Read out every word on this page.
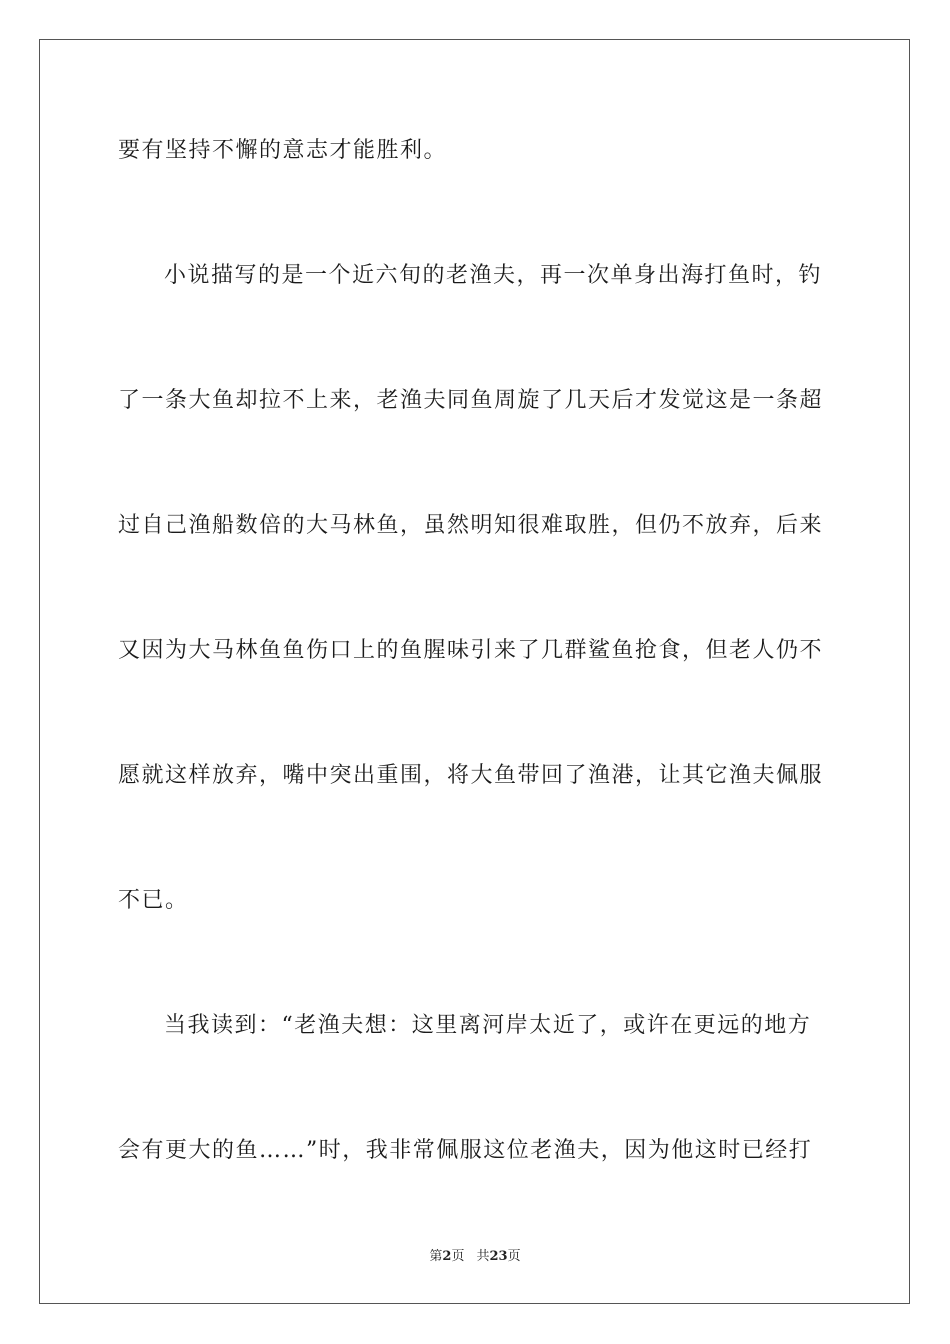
要有坚持不懈的意志才能胜利。
小说描写的是一个近六旬的老渔夫，再一次单身出海打鱼时，钓
了一条大鱼却拉不上来，老渔夫同鱼周旋了几天后才发觉这是一条超
过自己渔船数倍的大马林鱼，虽然明知很难取胜，但仍不放弃，后来
又因为大马林鱼鱼伤口上的鱼腥味引来了几群鲨鱼抢食，但老人仍不
愿就这样放弃，嘴中突出重围，将大鱼带回了渔港，让其它渔夫佩服
不已。
当我读到：“老渔夫想：这里离河岸太近了，或许在更远的地方
会有更大的鱼……”时，我非常佩服这位老渔夫，因为他这时已经打
第2页 共23页
